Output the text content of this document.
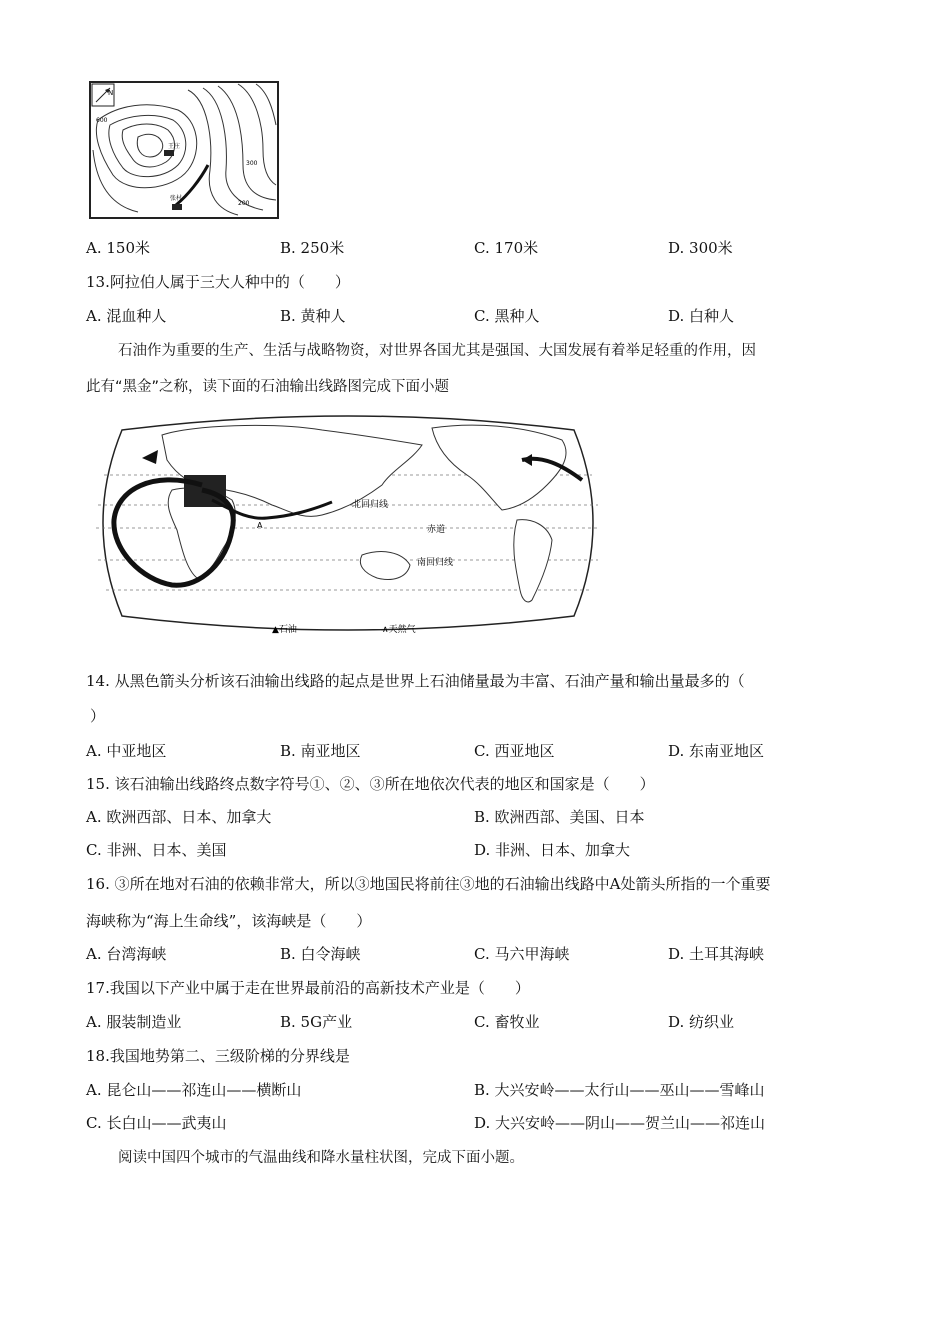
N
600
王庄
张村
300
200
A. 150米	B. 250米	C. 170米	D. 300米
13.阿拉伯人属于三大人种中的（　　）
A. 混血种人	B. 黄种人	C. 黑种人	D. 白种人
石油作为重要的生产、生活与战略物资，对世界各国尤其是强国、大国发展有着举足轻重的作用，因
此有“黑金”之称，读下面的石油输出线路图完成下面小题
A
北回归线
赤道
南回归线
▲石油	∧天然气
14. 从黑色箭头分析该石油输出线路的起点是世界上石油储量最为丰富、石油产量和输出量最多的（
）
A. 中亚地区	B. 南亚地区	C. 西亚地区	D. 东南亚地区
15. 该石油输出线路终点数字符号①、②、③所在地依次代表的地区和国家是（　　）
A. 欧洲西部、日本、加拿大	B. 欧洲西部、美国、日本
C. 非洲、日本、美国	D. 非洲、日本、加拿大
16. ③所在地对石油的依赖非常大，所以③地国民将前往③地的石油输出线路中A处箭头所指的一个重要
海峡称为“海上生命线”，该海峡是（　　）
A. 台湾海峡	B. 白令海峡	C. 马六甲海峡	D. 土耳其海峡
17.我国以下产业中属于走在世界最前沿的高新技术产业是（　　）
A. 服装制造业	B. 5G产业	C. 畜牧业	D. 纺织业
18.我国地势第二、三级阶梯的分界线是
A. 昆仑山——祁连山——横断山	B. 大兴安岭——太行山——巫山——雪峰山
C. 长白山——武夷山	D. 大兴安岭——阴山——贺兰山——祁连山
阅读中国四个城市的气温曲线和降水量柱状图，完成下面小题。
